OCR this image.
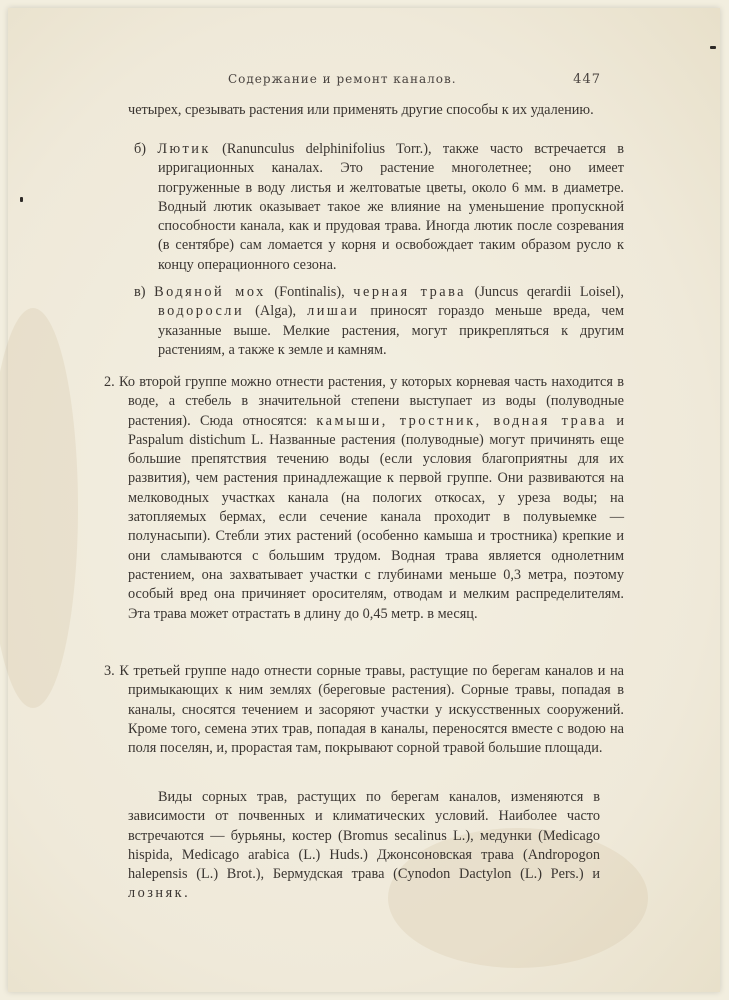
Содержание и ремонт каналов.	447

четырех, срезывать растения или применять другие способы к их удалению.

б) Лютик (Ranunculus delphinifolius Torr.), также часто встречается в ирригационных каналах. Это растение многолетнее; оно имеет погруженные в воду листья и желтоватые цветы, около 6 мм. в диаметре. Водный лютик оказывает такое же влияние на уменьшение пропускной способности канала, как и прудовая трава. Иногда лютик после созревания (в сентябре) сам ломается у корня и освобождает таким образом русло к концу операционного сезона.

в) Водяной мох (Fontinalis), черная трава (Juncus qerardii Loisel), водоросли (Alga), лишаи приносят гораздо меньше вреда, чем указанные выше. Мелкие растения, могут прикрепляться к другим растениям, а также к земле и камням.

2. Ко второй группе можно отнести растения, у которых корневая часть находится в воде, а стебель в значительной степени выступает из воды (полуводные растения). Сюда относятся: камыши, тростник, водная трава и Paspalum distichum L. Названные растения (полуводные) могут причинять еще большие препятствия течению воды (если условия благоприятны для их развития), чем растения принадлежащие к первой группе. Они развиваются на мелководных участках канала (на пологих откосах, у уреза воды; на затопляемых бермах, если сечение канала проходит в полувыемке — полунасыпи). Стебли этих растений (особенно камыша и тростника) крепкие и они сламываются с большим трудом. Водная трава является однолетним растением, она захватывает участки с глубинами меньше 0,3 метра, поэтому особый вред она причиняет оросителям, отводам и мелким распределителям. Эта трава может отрастать в длину до 0,45 метр. в месяц.

3. К третьей группе надо отнести сорные травы, растущие по берегам каналов и на примыкающих к ним землях (береговые растения). Сорные травы, попадая в каналы, сносятся течением и засоряют участки у искусственных сооружений. Кроме того, семена этих трав, попадая в каналы, переносятся вместе с водою на поля поселян, и, прорастая там, покрывают сорной травой большие площади.

Виды сорных трав, растущих по берегам каналов, изменяются в зависимости от почвенных и климатических условий. Наиболее часто встречаются — бурьяны, костер (Bromus secalinus L.), медунки (Medicago hispida, Medicago arabica (L.) Huds.) Джонсоновская трава (Andropogon halepensis (L.) Brot.), Бермудская трава (Cynodon Dactylon (L.) Pers.) и лозняк.
